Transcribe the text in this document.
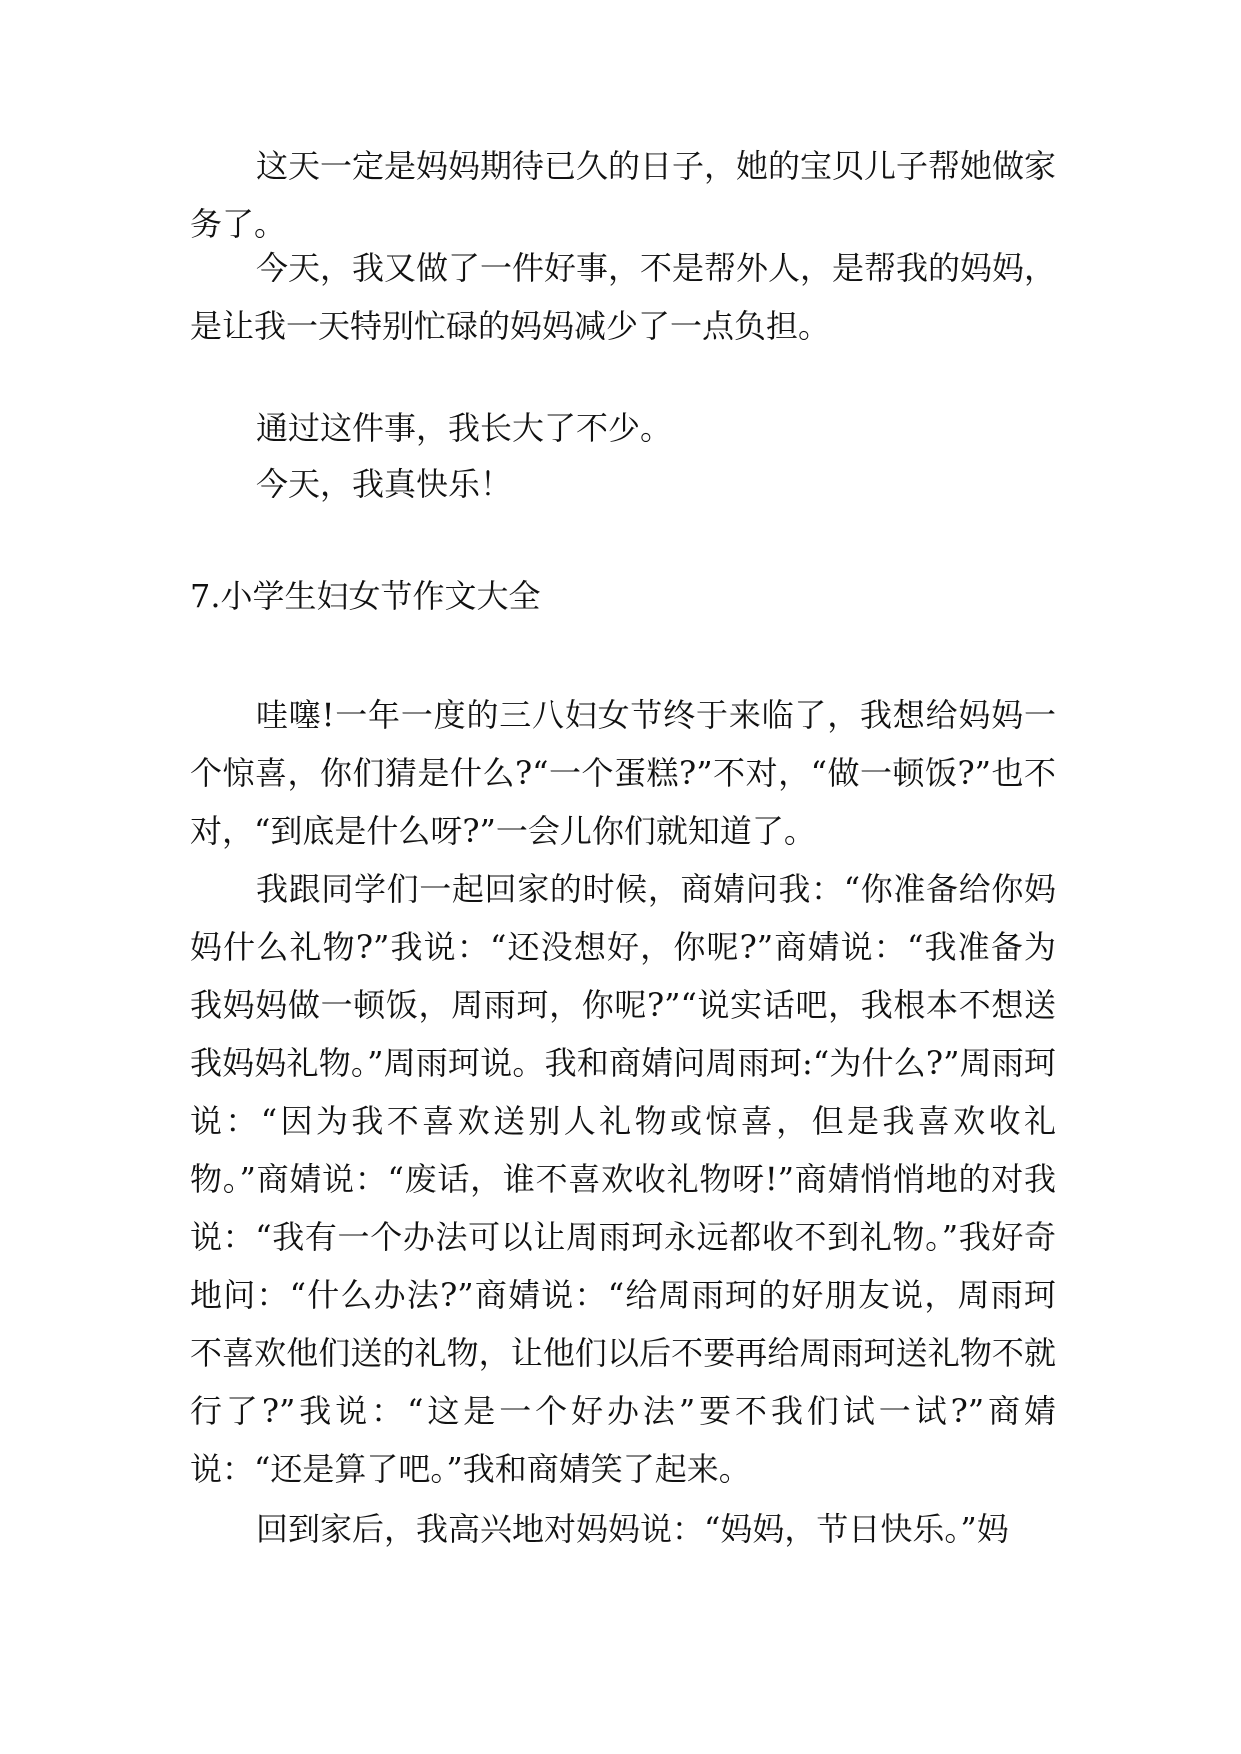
这天一定是妈妈期待已久的日子，她的宝贝儿子帮她做家务了。

今天，我又做了一件好事，不是帮外人，是帮我的妈妈，是让我一天特别忙碌的妈妈减少了一点负担。

通过这件事，我长大了不少。

今天，我真快乐！

7.小学生妇女节作文大全

哇噻!一年一度的三八妇女节终于来临了，我想给妈妈一个惊喜，你们猜是什么?“一个蛋糕?”不对，“做一顿饭?”也不对，“到底是什么呀?”一会儿你们就知道了。

我跟同学们一起回家的时候，商婧问我：“你准备给你妈妈什么礼物?”我说：“还没想好，你呢?”商婧说：“我准备为我妈妈做一顿饭，周雨珂，你呢?”“说实话吧，我根本不想送我妈妈礼物。”周雨珂说。我和商婧问周雨珂:“为什么?”周雨珂说：“因为我不喜欢送别人礼物或惊喜，但是我喜欢收礼物。”商婧说：“废话，谁不喜欢收礼物呀!”商婧悄悄地的对我说：“我有一个办法可以让周雨珂永远都收不到礼物。”我好奇地问：“什么办法?”商婧说：“给周雨珂的好朋友说，周雨珂不喜欢他们送的礼物，让他们以后不要再给周雨珂送礼物不就行了?”我说：“这是一个好办法”要不我们试一试?”商婧说：“还是算了吧。”我和商婧笑了起来。

回到家后，我高兴地对妈妈说：“妈妈，节日快乐。”妈
